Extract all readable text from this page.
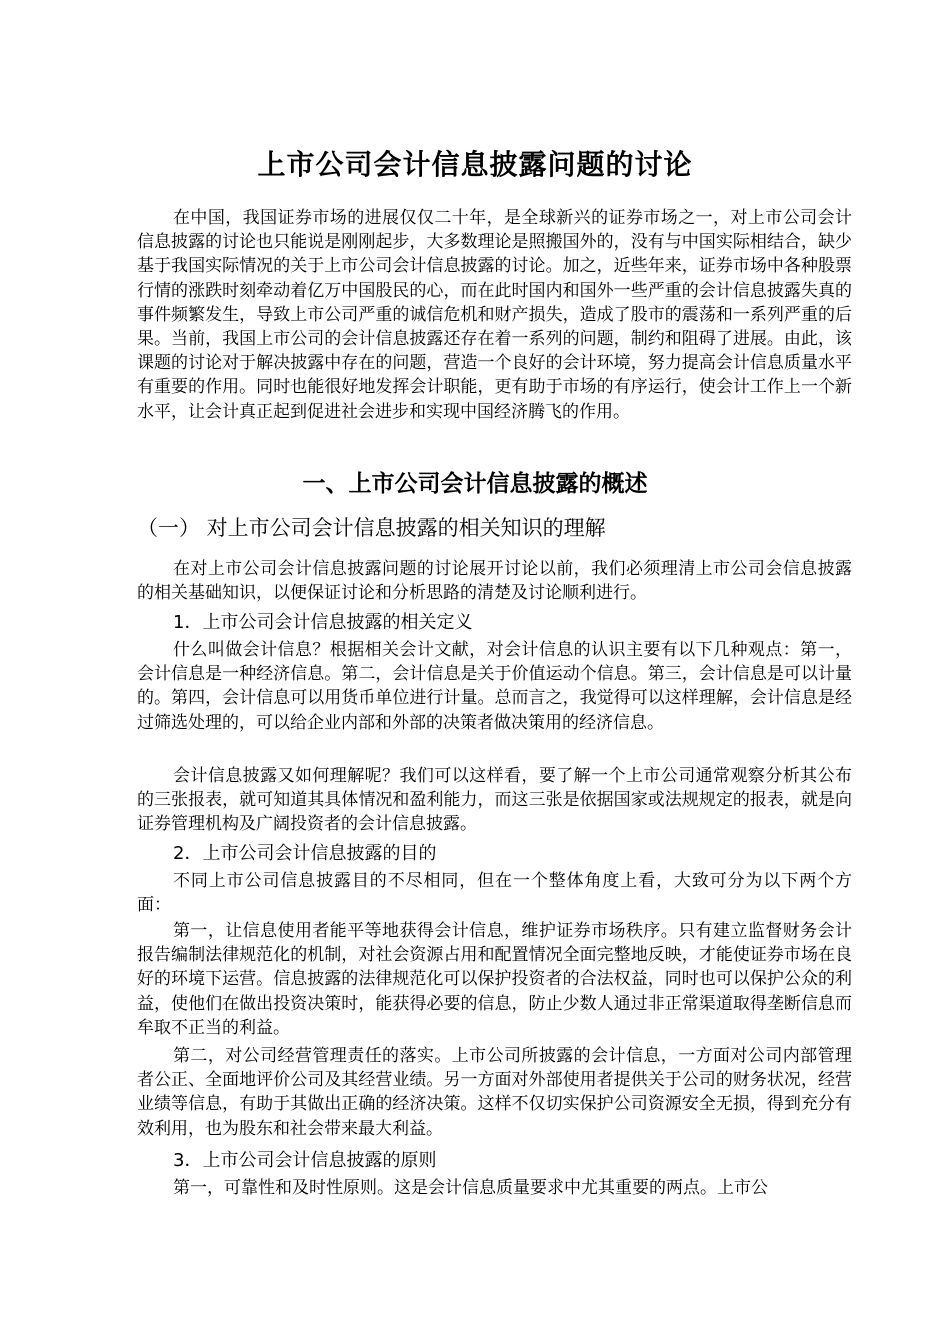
上市公司会计信息披露问题的讨论

在中国，我国证券市场的进展仅仅二十年，是全球新兴的证券市场之一，对上市公司会计信息披露的讨论也只能说是刚刚起步，大多数理论是照搬国外的，没有与中国实际相结合，缺少基于我国实际情况的关于上市公司会计信息披露的讨论。加之，近些年来，证券市场中各种股票行情的涨跌时刻牵动着亿万中国股民的心，而在此时国内和国外一些严重的会计信息披露失真的事件频繁发生，导致上市公司严重的诚信危机和财产损失，造成了股市的震荡和一系列严重的后果。当前，我国上市公司的会计信息披露还存在着一系列的问题，制约和阻碍了进展。由此，该课题的讨论对于解决披露中存在的问题，营造一个良好的会计环境，努力提高会计信息质量水平有重要的作用。同时也能很好地发挥会计职能，更有助于市场的有序运行，使会计工作上一个新水平，让会计真正起到促进社会进步和实现中国经济腾飞的作用。

一、上市公司会计信息披露的概述
（一） 对上市公司会计信息披露的相关知识的理解

在对上市公司会计信息披露问题的讨论展开讨论以前，我们必须理清上市公司会信息披露的相关基础知识，以便保证讨论和分析思路的清楚及讨论顺利进行。

1．上市公司会计信息披露的相关定义

什么叫做会计信息？根据相关会计文献，对会计信息的认识主要有以下几种观点：第一，会计信息是一种经济信息。第二，会计信息是关于价值运动个信息。第三，会计信息是可以计量的。第四，会计信息可以用货币单位进行计量。总而言之，我觉得可以这样理解，会计信息是经过筛选处理的，可以给企业内部和外部的决策者做决策用的经济信息。

会计信息披露又如何理解呢？我们可以这样看，要了解一个上市公司通常观察分析其公布的三张报表，就可知道其具体情况和盈利能力，而这三张是依据国家或法规规定的报表，就是向证券管理机构及广阔投资者的会计信息披露。

2．上市公司会计信息披露的目的

不同上市公司信息披露目的不尽相同，但在一个整体角度上看，大致可分为以下两个方面：

第一，让信息使用者能平等地获得会计信息，维护证券市场秩序。只有建立监督财务会计报告编制法律规范化的机制，对社会资源占用和配置情况全面完整地反映，才能使证券市场在良好的环境下运营。信息披露的法律规范化可以保护投资者的合法权益，同时也可以保护公众的利益，使他们在做出投资决策时，能获得必要的信息，防止少数人通过非正常渠道取得垄断信息而牟取不正当的利益。

第二，对公司经营管理责任的落实。上市公司所披露的会计信息，一方面对公司内部管理者公正、全面地评价公司及其经营业绩。另一方面对外部使用者提供关于公司的财务状况，经营业绩等信息，有助于其做出正确的经济决策。这样不仅切实保护公司资源安全无损，得到充分有效利用，也为股东和社会带来最大利益。

3．上市公司会计信息披露的原则

第一，可靠性和及时性原则。这是会计信息质量要求中尤其重要的两点。上市公
